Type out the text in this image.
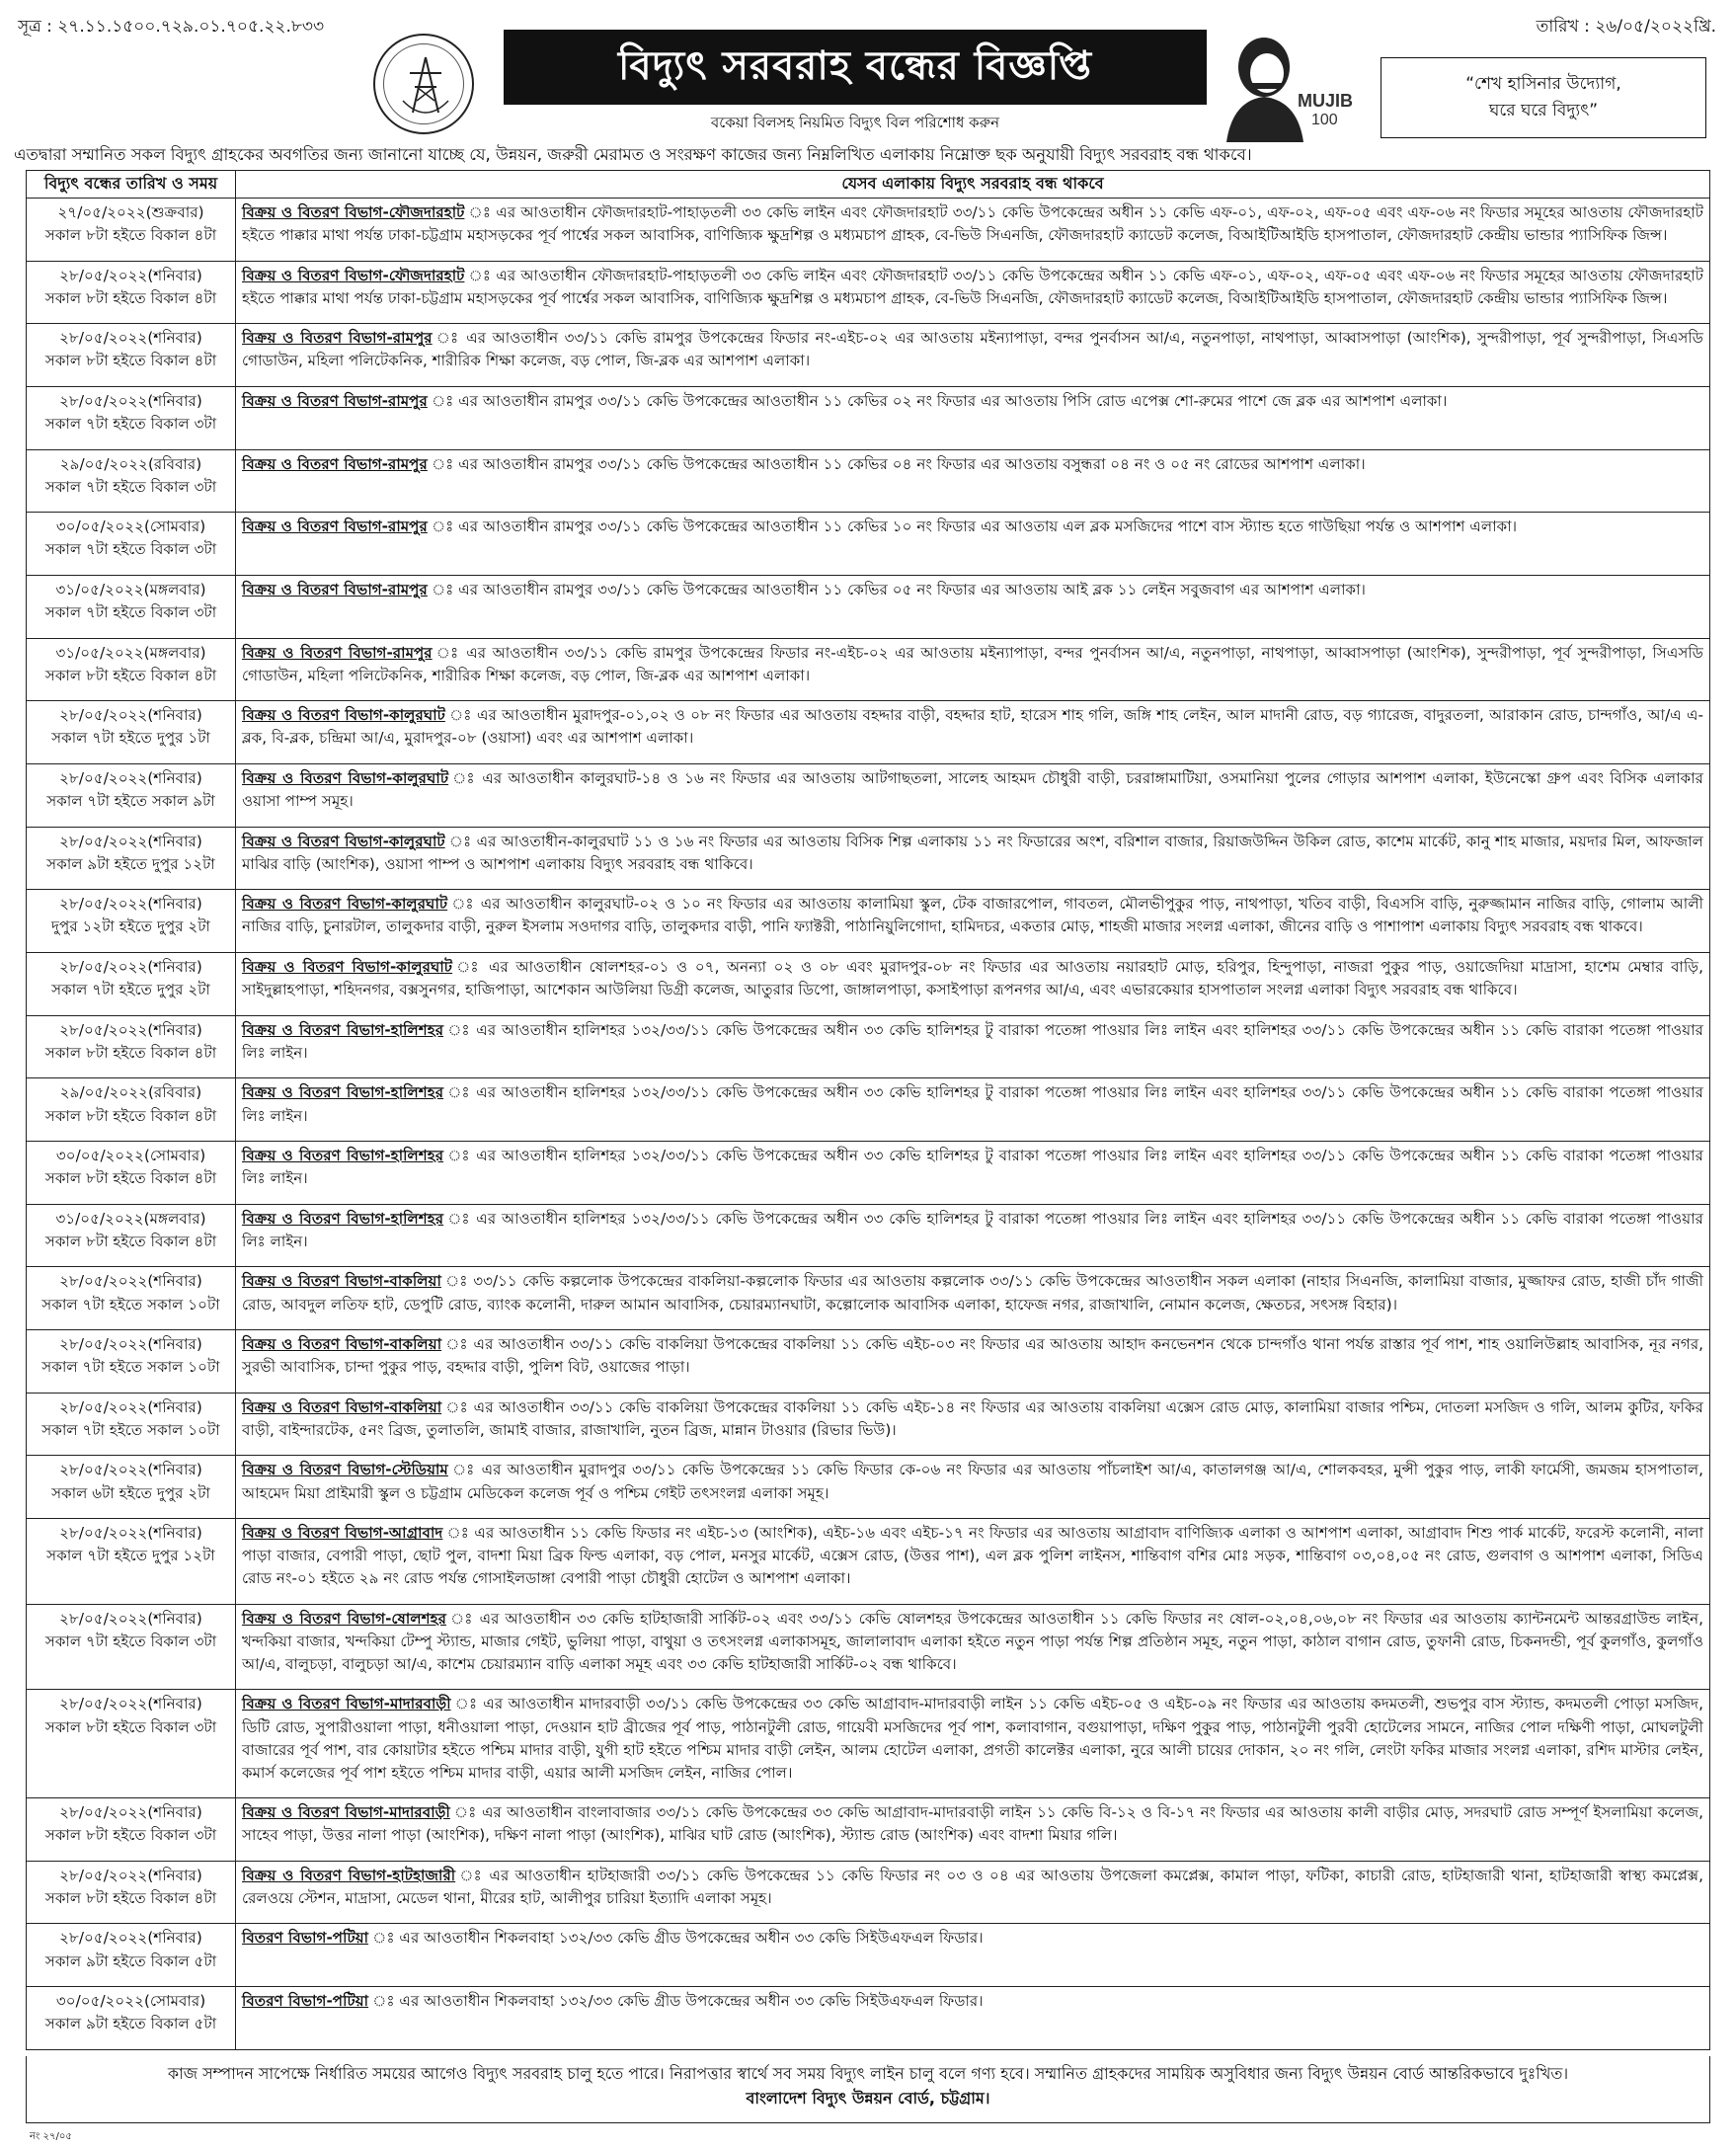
সূত্র : ২৭.১১.১৫০০.৭২৯.০১.৭০৫.২২.৮৩৩	তারিখ : ২৬/০৫/২০২২খ্রি.
বিদ্যুৎ সরবরাহ বন্ধের বিজ্ঞপ্তি
বকেয়া বিলসহ নিয়মিত বিদ্যুৎ বিল পরিশোধ করুন
MUJIB
100
“শেখ হাসিনার উদ্যোগ,
ঘরে ঘরে বিদ্যুৎ”
এতদ্বারা সম্মানিত সকল বিদ্যুৎ গ্রাহকের অবগতির জন্য জানানো যাচ্ছে যে, উন্নয়ন, জরুরী মেরামত ও সংরক্ষণ কাজের জন্য নিম্নলিখিত এলাকায় নিম্নোক্ত ছক অনুযায়ী বিদ্যুৎ সরবরাহ বন্ধ থাকবে।
বিদ্যুৎ বন্ধের তারিখ ও সময়	যেসব এলাকায় বিদ্যুৎ সরবরাহ বন্ধ থাকবে

২৭/০৫/২০২২(শুক্রবার)
সকাল ৮টা হইতে বিকাল ৪টা	বিক্রয় ও বিতরণ বিভাগ-ফৌজদারহাট ঃ এর আওতাধীন ফৌজদারহাট-পাহাড়তলী ৩৩ কেভি লাইন এবং ফৌজদারহাট ৩৩/১১ কেভি উপকেন্দ্রের অধীন ১১ কেভি এফ-০১, এফ-০২, এফ-০৫ এবং এফ-০৬ নং ফিডার সমূহের আওতায় ফৌজদারহাট হইতে পাক্কার মাথা পর্যন্ত ঢাকা-চট্টগ্রাম মহাসড়কের পূর্ব পার্শ্বের সকল আবাসিক, বাণিজ্যিক ক্ষুদ্রশিল্প ও মধ্যমচাপ গ্রাহক, বে-ভিউ সিএনজি, ফৌজদারহাট ক্যাডেট কলেজ, বিআইটিআইডি হাসপাতাল, ফৌজদারহাট কেন্দ্রীয় ভান্ডার প্যাসিফিক জিন্স।

২৮/০৫/২০২২(শনিবার)
সকাল ৮টা হইতে বিকাল ৪টা	বিক্রয় ও বিতরণ বিভাগ-ফৌজদারহাট ঃ এর আওতাধীন ফৌজদারহাট-পাহাড়তলী ৩৩ কেভি লাইন এবং ফৌজদারহাট ৩৩/১১ কেভি উপকেন্দ্রের অধীন ১১ কেভি এফ-০১, এফ-০২, এফ-০৫ এবং এফ-০৬ নং ফিডার সমূহের আওতায় ফৌজদারহাট হইতে পাক্কার মাথা পর্যন্ত ঢাকা-চট্টগ্রাম মহাসড়কের পূর্ব পার্শ্বের সকল আবাসিক, বাণিজ্যিক ক্ষুদ্রশিল্প ও মধ্যমচাপ গ্রাহক, বে-ভিউ সিএনজি, ফৌজদারহাট ক্যাডেট কলেজ, বিআইটিআইডি হাসপাতাল, ফৌজদারহাট কেন্দ্রীয় ভান্ডার প্যাসিফিক জিন্স।

২৮/০৫/২০২২(শনিবার)
সকাল ৮টা হইতে বিকাল ৪টা	বিক্রয় ও বিতরণ বিভাগ-রামপুর ঃ এর আওতাধীন ৩৩/১১ কেভি রামপুর উপকেন্দ্রের ফিডার নং-এইচ-০২ এর আওতায় মইন্যাপাড়া, বন্দর পুনর্বাসন আ/এ, নতুনপাড়া, নাথপাড়া, আব্বাসপাড়া (আংশিক), সুন্দরীপাড়া, পূর্ব সুন্দরীপাড়া, সিএসডি গোডাউন, মহিলা পলিটেকনিক, শারীরিক শিক্ষা কলেজ, বড় পোল, জি-ব্লক এর আশপাশ এলাকা।

২৮/০৫/২০২২(শনিবার)
সকাল ৭টা হইতে বিকাল ৩টা	বিক্রয় ও বিতরণ বিভাগ-রামপুর ঃ এর আওতাধীন রামপুর ৩৩/১১ কেভি উপকেন্দ্রের আওতাধীন ১১ কেভির ০২ নং ফিডার এর আওতায় পিসি রোড এপেক্স শো-রুমের পাশে জে ব্লক এর আশপাশ এলাকা।

২৯/০৫/২০২২(রবিবার)
সকাল ৭টা হইতে বিকাল ৩টা	বিক্রয় ও বিতরণ বিভাগ-রামপুর ঃ এর আওতাধীন রামপুর ৩৩/১১ কেভি উপকেন্দ্রের আওতাধীন ১১ কেভির ০৪ নং ফিডার এর আওতায় বসুন্ধরা ০৪ নং ও ০৫ নং রোডের আশপাশ এলাকা।

৩০/০৫/২০২২(সোমবার)
সকাল ৭টা হইতে বিকাল ৩টা	বিক্রয় ও বিতরণ বিভাগ-রামপুর ঃ এর আওতাধীন রামপুর ৩৩/১১ কেভি উপকেন্দ্রের আওতাধীন ১১ কেভির ১০ নং ফিডার এর আওতায় এল ব্লক মসজিদের পাশে বাস স্ট্যান্ড হতে গাউছিয়া পর্যন্ত ও আশপাশ এলাকা।

৩১/০৫/২০২২(মঙ্গলবার)
সকাল ৭টা হইতে বিকাল ৩টা	বিক্রয় ও বিতরণ বিভাগ-রামপুর ঃ এর আওতাধীন রামপুর ৩৩/১১ কেভি উপকেন্দ্রের আওতাধীন ১১ কেভির ০৫ নং ফিডার এর আওতায় আই ব্লক ১১ লেইন সবুজবাগ এর আশপাশ এলাকা।

৩১/০৫/২০২২(মঙ্গলবার)
সকাল ৮টা হইতে বিকাল ৪টা	বিক্রয় ও বিতরণ বিভাগ-রামপুর ঃ এর আওতাধীন ৩৩/১১ কেভি রামপুর উপকেন্দ্রের ফিডার নং-এইচ-০২ এর আওতায় মইন্যাপাড়া, বন্দর পুনর্বাসন আ/এ, নতুনপাড়া, নাথপাড়া, আব্বাসপাড়া (আংশিক), সুন্দরীপাড়া, পূর্ব সুন্দরীপাড়া, সিএসডি গোডাউন, মহিলা পলিটেকনিক, শারীরিক শিক্ষা কলেজ, বড় পোল, জি-ব্লক এর আশপাশ এলাকা।

২৮/০৫/২০২২(শনিবার)
সকাল ৭টা হইতে দুপুর ১টা	বিক্রয় ও বিতরণ বিভাগ-কালুরঘাট ঃ এর আওতাধীন মুরাদপুর-০১,০২ ও ০৮ নং ফিডার এর আওতায় বহদ্দার বাড়ী, বহদ্দার হাট, হারেস শাহ গলি, জঙ্গি শাহ লেইন, আল মাদানী রোড, বড় গ্যারেজ, বাদুরতলা, আরাকান রোড, চান্দগাঁও, আ/এ এ-ব্লক, বি-ব্লক, চন্দ্রিমা আ/এ, মুরাদপুর-০৮ (ওয়াসা) এবং এর আশপাশ এলাকা।

২৮/০৫/২০২২(শনিবার)
সকাল ৭টা হইতে সকাল ৯টা	বিক্রয় ও বিতরণ বিভাগ-কালুরঘাট ঃ এর আওতাধীন কালুরঘাট-১৪ ও ১৬ নং ফিডার এর আওতায় আটগাছতলা, সালেহ আহমদ চৌধুরী বাড়ী, চররাঙ্গামাটিয়া, ওসমানিয়া পুলের গোড়ার আশপাশ এলাকা, ইউনেস্কো গ্রুপ এবং বিসিক এলাকার ওয়াসা পাম্প সমূহ।

২৮/০৫/২০২২(শনিবার)
সকাল ৯টা হইতে দুপুর ১২টা	বিক্রয় ও বিতরণ বিভাগ-কালুরঘাট ঃ এর আওতাধীন-কালুরঘাট ১১ ও ১৬ নং ফিডার এর আওতায় বিসিক শিল্প এলাকায় ১১ নং ফিডারের অংশ, বরিশাল বাজার, রিয়াজউদ্দিন উকিল রোড, কাশেম মার্কেট, কানু শাহ মাজার, ময়দার মিল, আফজাল মাঝির বাড়ি (আংশিক), ওয়াসা পাম্প ও আশপাশ এলাকায় বিদ্যুৎ সরবরাহ বন্ধ থাকিবে।

২৮/০৫/২০২২(শনিবার)
দুপুর ১২টা হইতে দুপুর ২টা	বিক্রয় ও বিতরণ বিভাগ-কালুরঘাট ঃ এর আওতাধীন কালুরঘাট-০২ ও ১০ নং ফিডার এর আওতায় কালামিয়া স্কুল, টেক বাজারপোল, গাবতল, মৌলভীপুকুর পাড়, নাথপাড়া, খতিব বাড়ী, বিএসসি বাড়ি, নুরুজ্জামান নাজির বাড়ি, গোলাম আলী নাজির বাড়ি, চুনারটাল, তালুকদার বাড়ী, নুরুল ইসলাম সওদাগর বাড়ি, তালুকদার বাড়ী, পানি ফ্যাক্টরী, পাঠানিয়ুলিগোদা, হামিদচর, একতার মোড়, শাহজী মাজার সংলগ্ন এলাকা, জীনের বাড়ি ও পাশাপাশ এলাকায় বিদ্যুৎ সরবরাহ বন্ধ থাকবে।

২৮/০৫/২০২২(শনিবার)
সকাল ৭টা হইতে দুপুর ২টা	বিক্রয় ও বিতরণ বিভাগ-কালুরঘাট ঃ এর আওতাধীন ষোলশহর-০১ ও ০৭, অনন্যা ০২ ও ০৮ এবং মুরাদপুর-০৮ নং ফিডার এর আওতায় নয়ারহাট মোড়, হরিপুর, হিন্দুপাড়া, নাজরা পুকুর পাড়, ওয়াজেদিয়া মাদ্রাসা, হাশেম মেম্বার বাড়ি, সাইদুল্লাহপাড়া, শহিদনগর, বক্সসুনগর, হাজিপাড়া, আশেকান আউলিয়া ডিগ্রী কলেজ, আতুরার ডিপো, জাঙ্গালপাড়া, কসাইপাড়া রূপনগর আ/এ, এবং এভারকেয়ার হাসপাতাল সংলগ্ন এলাকা বিদ্যুৎ সরবরাহ বন্ধ থাকিবে।

২৮/০৫/২০২২(শনিবার)
সকাল ৮টা হইতে বিকাল ৪টা	বিক্রয় ও বিতরণ বিভাগ-হালিশহর ঃ এর আওতাধীন হালিশহর ১৩২/৩৩/১১ কেভি উপকেন্দ্রের অধীন ৩৩ কেভি হালিশহর টু বারাকা পতেঙ্গা পাওয়ার লিঃ লাইন এবং হালিশহর ৩৩/১১ কেভি উপকেন্দ্রের অধীন ১১ কেভি বারাকা পতেঙ্গা পাওয়ার লিঃ লাইন।

২৯/০৫/২০২২(রবিবার)
সকাল ৮টা হইতে বিকাল ৪টা	বিক্রয় ও বিতরণ বিভাগ-হালিশহর ঃ এর আওতাধীন হালিশহর ১৩২/৩৩/১১ কেভি উপকেন্দ্রের অধীন ৩৩ কেভি হালিশহর টু বারাকা পতেঙ্গা পাওয়ার লিঃ লাইন এবং হালিশহর ৩৩/১১ কেভি উপকেন্দ্রের অধীন ১১ কেভি বারাকা পতেঙ্গা পাওয়ার লিঃ লাইন।

৩০/০৫/২০২২(সোমবার)
সকাল ৮টা হইতে বিকাল ৪টা	বিক্রয় ও বিতরণ বিভাগ-হালিশহর ঃ এর আওতাধীন হালিশহর ১৩২/৩৩/১১ কেভি উপকেন্দ্রের অধীন ৩৩ কেভি হালিশহর টু বারাকা পতেঙ্গা পাওয়ার লিঃ লাইন এবং হালিশহর ৩৩/১১ কেভি উপকেন্দ্রের অধীন ১১ কেভি বারাকা পতেঙ্গা পাওয়ার লিঃ লাইন।

৩১/০৫/২০২২(মঙ্গলবার)
সকাল ৮টা হইতে বিকাল ৪টা	বিক্রয় ও বিতরণ বিভাগ-হালিশহর ঃ এর আওতাধীন হালিশহর ১৩২/৩৩/১১ কেভি উপকেন্দ্রের অধীন ৩৩ কেভি হালিশহর টু বারাকা পতেঙ্গা পাওয়ার লিঃ লাইন এবং হালিশহর ৩৩/১১ কেভি উপকেন্দ্রের অধীন ১১ কেভি বারাকা পতেঙ্গা পাওয়ার লিঃ লাইন।

২৮/০৫/২০২২(শনিবার)
সকাল ৭টা হইতে সকাল ১০টা	বিক্রয় ও বিতরণ বিভাগ-বাকলিয়া ঃ ৩৩/১১ কেভি কল্পলোক উপকেন্দ্রের বাকলিয়া-কল্পলোক ফিডার এর আওতায় কল্পলোক ৩৩/১১ কেভি উপকেন্দ্রের আওতাধীন সকল এলাকা (নাহার সিএনজি, কালামিয়া বাজার, মুজ্জাফর রোড, হাজী চাঁদ গাজী রোড, আবদুল লতিফ হাট, ডেপুটি রোড, ব্যাংক কলোনী, দারুল আমান আবাসিক, চেয়ারম্যানঘাটা, কল্পোলোক আবাসিক এলাকা, হাফেজ নগর, রাজাখালি, নোমান কলেজ, ক্ষেতচর, সৎসঙ্গ বিহার)।

২৮/০৫/২০২২(শনিবার)
সকাল ৭টা হইতে সকাল ১০টা	বিক্রয় ও বিতরণ বিভাগ-বাকলিয়া ঃ এর আওতাধীন ৩৩/১১ কেভি বাকলিয়া উপকেন্দ্রের বাকলিয়া ১১ কেভি এইচ-০৩ নং ফিডার এর আওতায় আহাদ কনভেনশন থেকে চান্দগাঁও থানা পর্যন্ত রাস্তার পূর্ব পাশ, শাহ ওয়ালিউল্লাহ আবাসিক, নূর নগর, সুরভী আবাসিক, চান্দা পুকুর পাড়, বহদ্দার বাড়ী, পুলিশ বিট, ওয়াজের পাড়া।

২৮/০৫/২০২২(শনিবার)
সকাল ৭টা হইতে সকাল ১০টা	বিক্রয় ও বিতরণ বিভাগ-বাকলিয়া ঃ এর আওতাধীন ৩৩/১১ কেভি বাকলিয়া উপকেন্দ্রের বাকলিয়া ১১ কেভি এইচ-১৪ নং ফিডার এর আওতায় বাকলিয়া এক্সেস রোড মোড়, কালামিয়া বাজার পশ্চিম, দোতলা মসজিদ ও গলি, আলম কুটির, ফকির বাড়ী, বাইন্দারটেক, ৫নং ব্রিজ, তুলাতলি, জামাই বাজার, রাজাখালি, নুতন ব্রিজ, মান্নান টাওয়ার (রিভার ভিউ)।

২৮/০৫/২০২২(শনিবার)
সকাল ৬টা হইতে দুপুর ২টা	বিক্রয় ও বিতরণ বিভাগ-স্টেডিয়াম ঃ এর আওতাধীন মুরাদপুর ৩৩/১১ কেভি উপকেন্দ্রের ১১ কেভি ফিডার কে-০৬ নং ফিডার এর আওতায় পাঁচলাইশ আ/এ, কাতালগঞ্জ আ/এ, শোলকবহর, মুন্সী পুকুর পাড়, লাকী ফার্মেসী, জমজম হাসপাতাল, আহমেদ মিয়া প্রাইমারী স্কুল ও চট্টগ্রাম মেডিকেল কলেজ পূর্ব ও পশ্চিম গেইট তৎসংলগ্ন এলাকা সমূহ।

২৮/০৫/২০২২(শনিবার)
সকাল ৭টা হইতে দুপুর ১২টা	বিক্রয় ও বিতরণ বিভাগ-আগ্রাবাদ ঃ এর আওতাধীন ১১ কেভি ফিডার নং এইচ-১৩ (আংশিক), এইচ-১৬ এবং এইচ-১৭ নং ফিডার এর আওতায় আগ্রাবাদ বাণিজ্যিক এলাকা ও আশপাশ এলাকা, আগ্রাবাদ শিশু পার্ক মার্কেট, ফরেস্ট কলোনী, নালা পাড়া বাজার, বেপারী পাড়া, ছোট পুল, বাদশা মিয়া ব্রিক ফিল্ড এলাকা, বড় পোল, মনসুর মার্কেট, এক্সেস রোড, (উত্তর পাশ), এল ব্লক পুলিশ লাইনস, শান্তিবাগ বশির মোঃ সড়ক, শান্তিবাগ ০৩,০৪,০৫ নং রোড, গুলবাগ ও আশপাশ এলাকা, সিডিএ রোড নং-০১ হইতে ২৯ নং রোড পর্যন্ত গোসাইলডাঙ্গা বেপারী পাড়া চৌধুরী হোটেল ও আশপাশ এলাকা।

২৮/০৫/২০২২(শনিবার)
সকাল ৭টা হইতে বিকাল ৩টা	বিক্রয় ও বিতরণ বিভাগ-ষোলশহর ঃ এর আওতাধীন ৩৩ কেভি হাটহাজারী সার্কিট-০২ এবং ৩৩/১১ কেভি ষোলশহর উপকেন্দ্রের আওতাধীন ১১ কেভি ফিডার নং ষোল-০২,০৪,০৬,০৮ নং ফিডার এর আওতায় ক্যান্টনমেন্ট আন্তরগ্রাউন্ড লাইন, খন্দকিয়া বাজার, খন্দকিয়া টেম্পু স্ট্যান্ড, মাজার গেইট, ভুলিয়া পাড়া, বাথুয়া ও তৎসংলগ্ন এলাকাসমূহ, জালালাবাদ এলাকা হইতে নতুন পাড়া পর্যন্ত শিল্প প্রতিষ্ঠান সমূহ, নতুন পাড়া, কাঠাল বাগান রোড, তুফানী রোড, চিকনদন্ডী, পূর্ব কুলগাঁও, কুলগাঁও আ/এ, বালুচড়া, বালুচড়া আ/এ, কাশেম চেয়ারম্যান বাড়ি এলাকা সমূহ এবং ৩৩ কেভি হাটহাজারী সার্কিট-০২ বন্ধ থাকিবে।

২৮/০৫/২০২২(শনিবার)
সকাল ৮টা হইতে বিকাল ৩টা	বিক্রয় ও বিতরণ বিভাগ-মাদারবাড়ী ঃ এর আওতাধীন মাদারবাড়ী ৩৩/১১ কেভি উপকেন্দ্রের ৩৩ কেভি আগ্রাবাদ-মাদারবাড়ী লাইন ১১ কেভি এইচ-০৫ ও এইচ-০৯ নং ফিডার এর আওতায় কদমতলী, শুভপুর বাস স্ট্যান্ড, কদমতলী পোড়া মসজিদ, ডিটি রোড, সুপারীওয়ালা পাড়া, ধনীওয়ালা পাড়া, দেওয়ান হাট ব্রীজের পূর্ব পাড়, পাঠানটুলী রোড, গায়েবী মসজিদের পূর্ব পাশ, কলাবাগান, বগুয়াপাড়া, দক্ষিণ পুকুর পাড়, পাঠানটুলী পুরবী হোটেলের সামনে, নাজির পোল দক্ষিণী পাড়া, মোঘলটুলী বাজারের পূর্ব পাশ, বার কোয়াটার হইতে পশ্চিম মাদার বাড়ী, যুগী হাট হইতে পশ্চিম মাদার বাড়ী লেইন, আলম হোটেল এলাকা, প্রগতী কালেক্টর এলাকা, নুরে আলী চায়ের দোকান, ২০ নং গলি, লেংটা ফকির মাজার সংলগ্ন এলাকা, রশিদ মাস্টার লেইন, কমার্স কলেজের পূর্ব পাশ হইতে পশ্চিম মাদার বাড়ী, এয়ার আলী মসজিদ লেইন, নাজির পোল।

২৮/০৫/২০২২(শনিবার)
সকাল ৮টা হইতে বিকাল ৩টা	বিক্রয় ও বিতরণ বিভাগ-মাদারবাড়ী ঃ এর আওতাধীন বাংলাবাজার ৩৩/১১ কেভি উপকেন্দ্রের ৩৩ কেভি আগ্রাবাদ-মাদারবাড়ী লাইন ১১ কেভি বি-১২ ও বি-১৭ নং ফিডার এর আওতায় কালী বাড়ীর মোড়, সদরঘাট রোড সম্পূর্ণ ইসলামিয়া কলেজ, সাহেব পাড়া, উত্তর নালা পাড়া (আংশিক), দক্ষিণ নালা পাড়া (আংশিক), মাঝির ঘাট রোড (আংশিক), স্ট্যান্ড রোড (আংশিক) এবং বাদশা মিয়ার গলি।

২৮/০৫/২০২২(শনিবার)
সকাল ৮টা হইতে বিকাল ৪টা	বিক্রয় ও বিতরণ বিভাগ-হাটহাজারী ঃ এর আওতাধীন হাটহাজারী ৩৩/১১ কেভি উপকেন্দ্রের ১১ কেভি ফিডার নং ০৩ ও ০৪ এর আওতায় উপজেলা কমপ্লেক্স, কামাল পাড়া, ফটিকা, কাচারী রোড, হাটহাজারী থানা, হাটহাজারী স্বাস্থ্য কমপ্লেক্স, রেলওয়ে স্টেশন, মাদ্রাসা, মেডেল থানা, মীরের হাট, আলীপুর চারিয়া ইত্যাদি এলাকা সমূহ।

২৮/০৫/২০২২(শনিবার)
সকাল ৯টা হইতে বিকাল ৫টা	বিতরণ বিভাগ-পটিয়া ঃ এর আওতাধীন শিকলবাহা ১৩২/৩৩ কেভি গ্রীড উপকেন্দ্রের অধীন ৩৩ কেভি সিইউএফএল ফিডার।

৩০/০৫/২০২২(সোমবার)
সকাল ৯টা হইতে বিকাল ৫টা	বিতরণ বিভাগ-পটিয়া ঃ এর আওতাধীন শিকলবাহা ১৩২/৩৩ কেভি গ্রীড উপকেন্দ্রের অধীন ৩৩ কেভি সিইউএফএল ফিডার।
কাজ সম্পাদন সাপেক্ষে নির্ধারিত সময়ের আগেও বিদ্যুৎ সরবরাহ চালু হতে পারে। নিরাপত্তার স্বার্থে সব সময় বিদ্যুৎ লাইন চালু বলে গণ্য হবে। সম্মানিত গ্রাহকদের সাময়িক অসুবিধার জন্য বিদ্যুৎ উন্নয়ন বোর্ড আন্তরিকভাবে দুঃখিত।
বাংলাদেশ বিদ্যুৎ উন্নয়ন বোর্ড, চট্টগ্রাম।
নং ২৭/০৫
